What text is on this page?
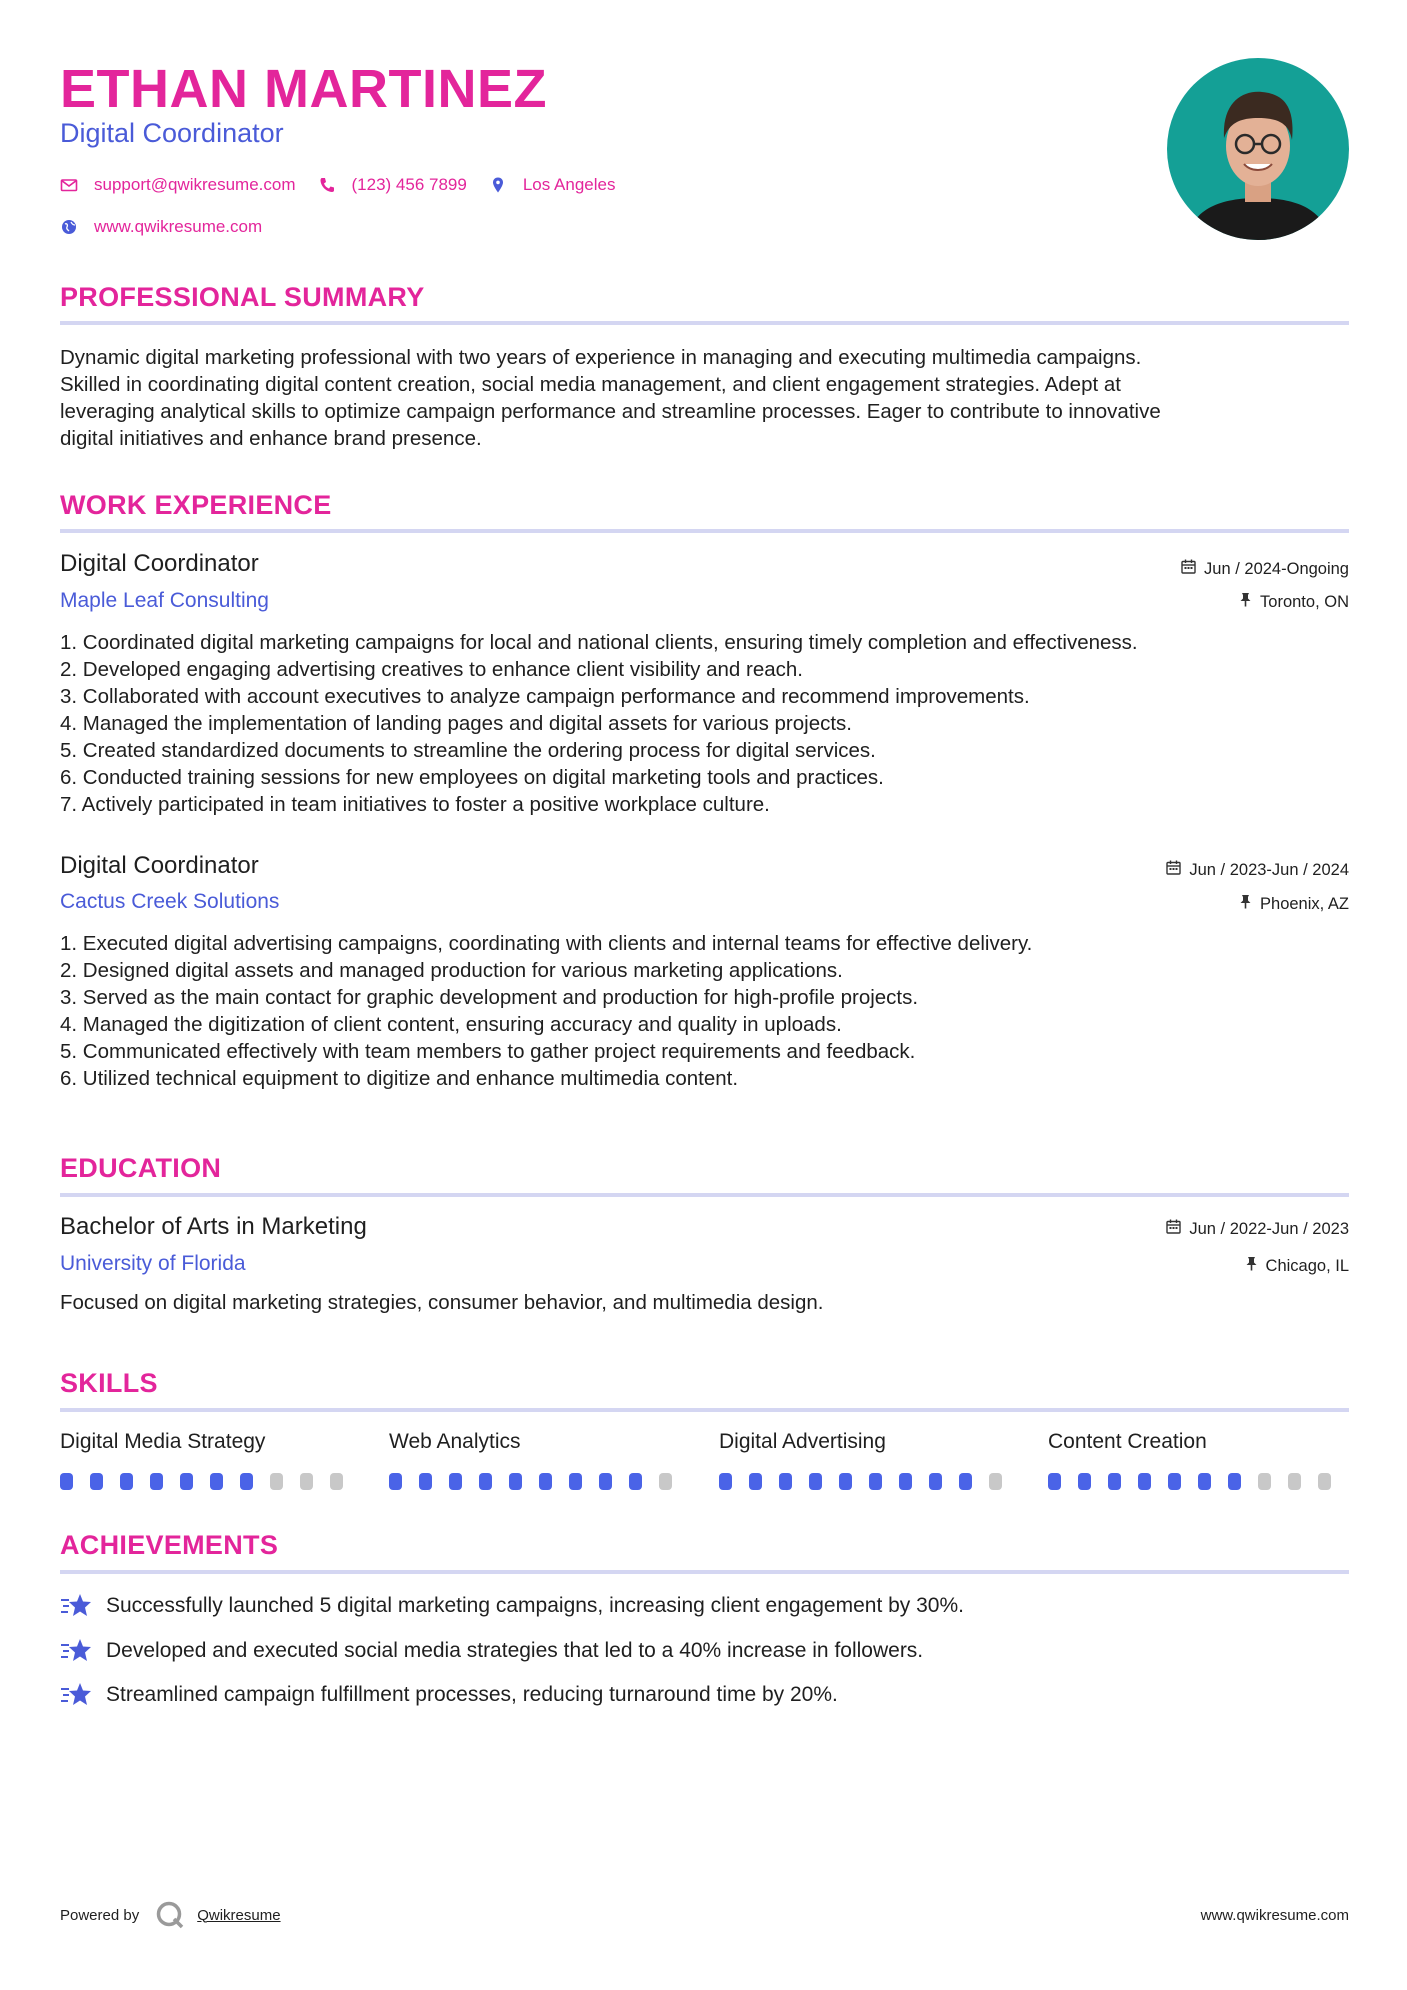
ETHAN MARTINEZ
Digital Coordinator
support@qwikresume.com	(123) 456 7899	Los Angeles
www.qwikresume.com
PROFESSIONAL SUMMARY
Dynamic digital marketing professional with two years of experience in managing and executing multimedia campaigns.
Skilled in coordinating digital content creation, social media management, and client engagement strategies. Adept at
leveraging analytical skills to optimize campaign performance and streamline processes. Eager to contribute to innovative
digital initiatives and enhance brand presence.
WORK EXPERIENCE
Digital Coordinator
Maple Leaf Consulting
Jun / 2024-Ongoing
Toronto, ON
1. Coordinated digital marketing campaigns for local and national clients, ensuring timely completion and effectiveness.
2. Developed engaging advertising creatives to enhance client visibility and reach.
3. Collaborated with account executives to analyze campaign performance and recommend improvements.
4. Managed the implementation of landing pages and digital assets for various projects.
5. Created standardized documents to streamline the ordering process for digital services.
6. Conducted training sessions for new employees on digital marketing tools and practices.
7. Actively participated in team initiatives to foster a positive workplace culture.
Digital Coordinator
Cactus Creek Solutions
Jun / 2023-Jun / 2024
Phoenix, AZ
1. Executed digital advertising campaigns, coordinating with clients and internal teams for effective delivery.
2. Designed digital assets and managed production for various marketing applications.
3. Served as the main contact for graphic development and production for high-profile projects.
4. Managed the digitization of client content, ensuring accuracy and quality in uploads.
5. Communicated effectively with team members to gather project requirements and feedback.
6. Utilized technical equipment to digitize and enhance multimedia content.
EDUCATION
Bachelor of Arts in Marketing
University of Florida
Jun / 2022-Jun / 2023
Chicago, IL
Focused on digital marketing strategies, consumer behavior, and multimedia design.
SKILLS
Digital Media Strategy	Web Analytics	Digital Advertising	Content Creation
ACHIEVEMENTS
Successfully launched 5 digital marketing campaigns, increasing client engagement by 30%.
Developed and executed social media strategies that led to a 40% increase in followers.
Streamlined campaign fulfillment processes, reducing turnaround time by 20%.
Powered by	Qwikresume	www.qwikresume.com
